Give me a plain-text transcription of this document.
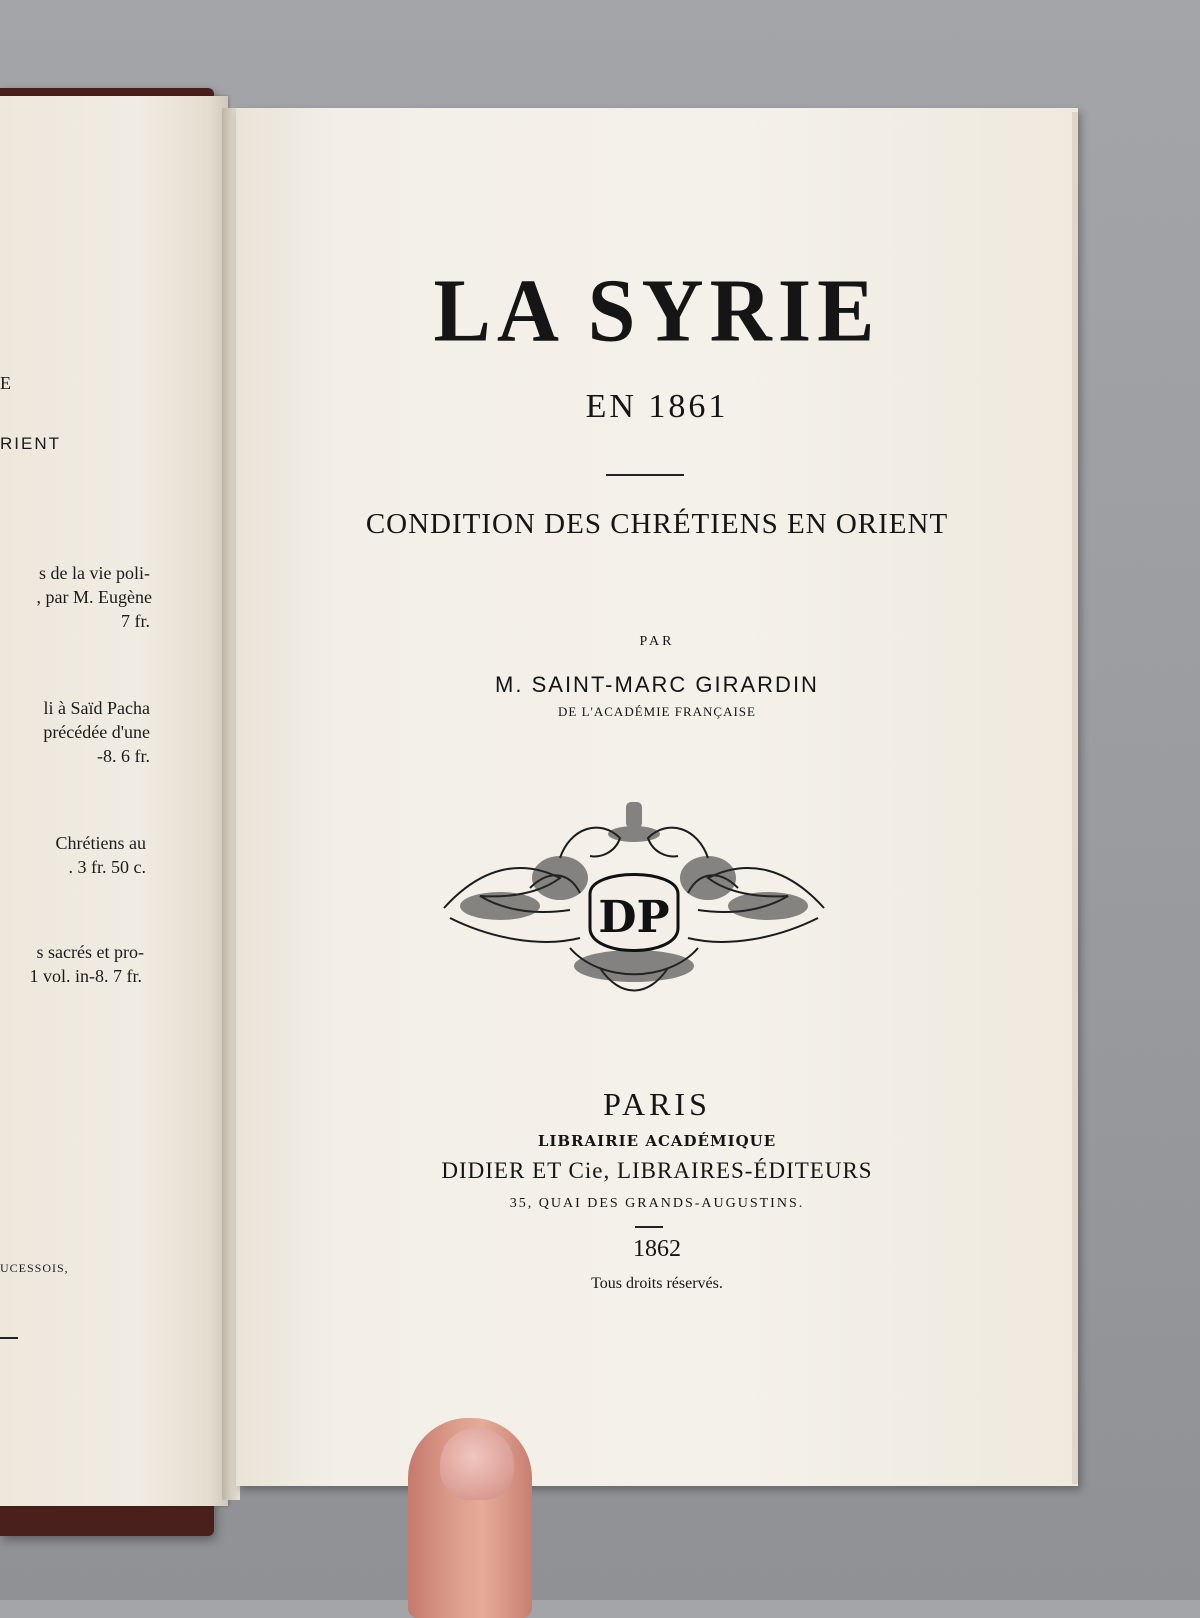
E
RIENT
s de la vie poli-
, par M. Eugène
7 fr.
li à Saïd Pacha
précédée d'une
-8. 6 fr.
Chrétiens au
. 3 fr. 50 c.
s sacrés et pro-
1 vol. in-8. 7 fr.
UCESSOIS,
LA SYRIE
EN 1861
CONDITION DES CHRÉTIENS EN ORIENT
PAR
M. SAINT-MARC GIRARDIN
DE L'ACADÉMIE FRANÇAISE
DP
PARIS
LIBRAIRIE ACADÉMIQUE
DIDIER ET Cie, LIBRAIRES-ÉDITEURS
35, QUAI DES GRANDS-AUGUSTINS.
1862
Tous droits réservés.
